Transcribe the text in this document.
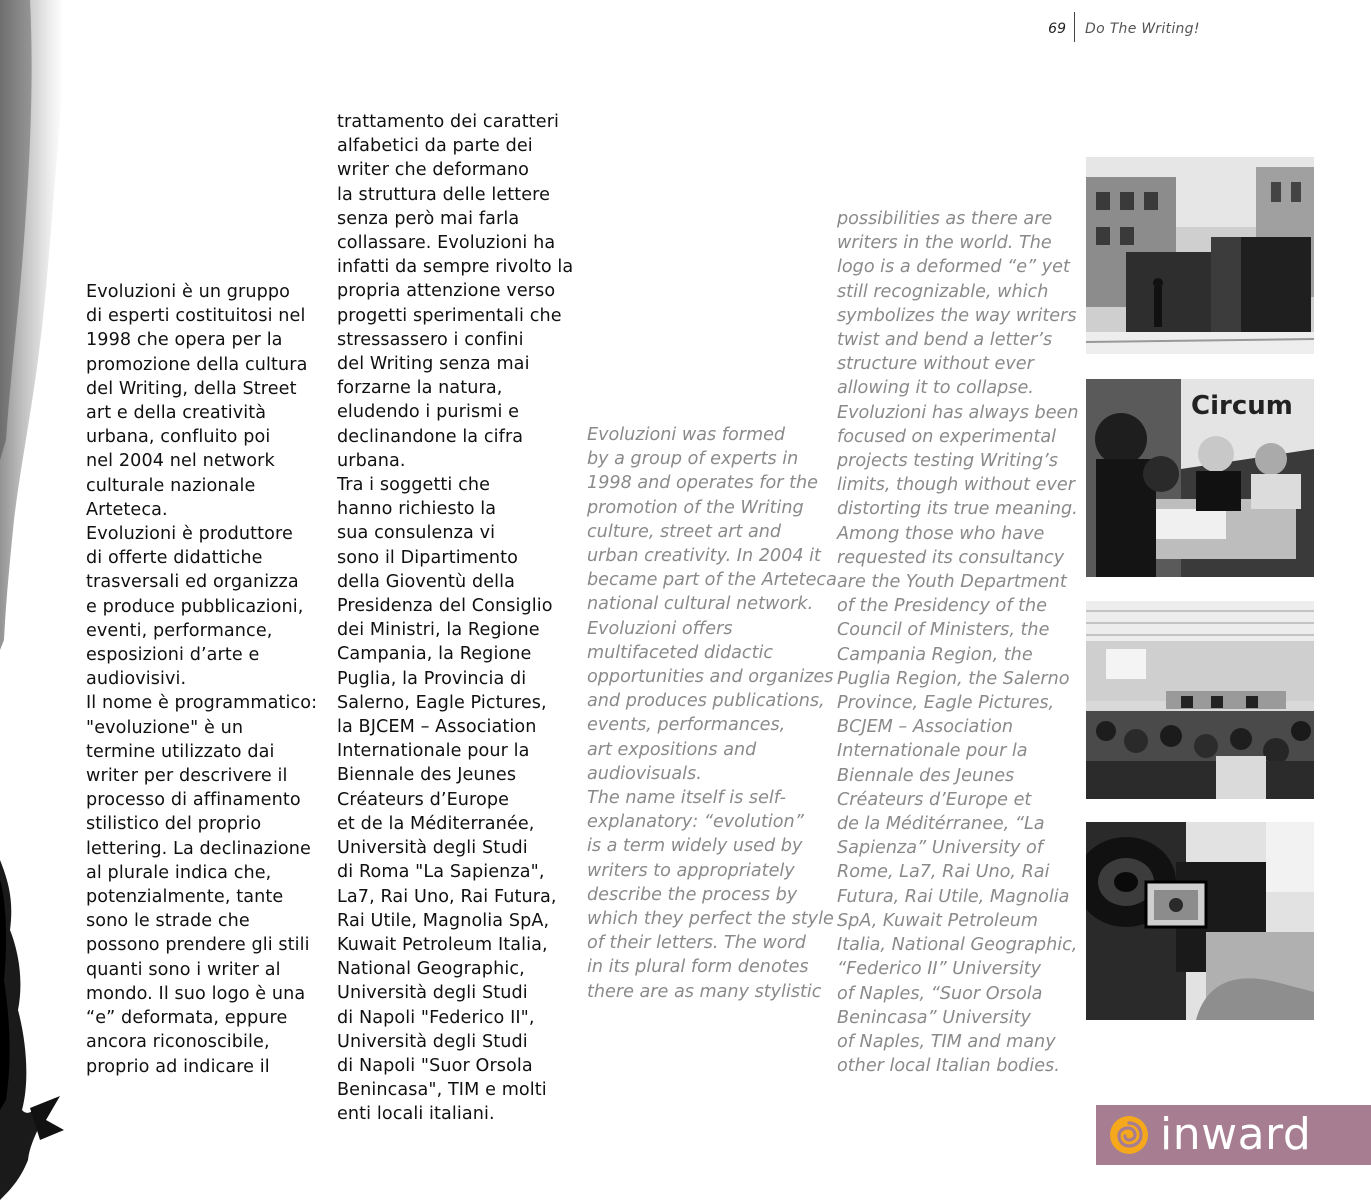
69	Do The Writing!

Evoluzioni è un gruppo
di esperti costituitosi nel
1998 che opera per la
promozione della cultura
del Writing, della Street
art e della creatività
urbana, confluito poi
nel 2004 nel network
culturale nazionale
Arteteca.
Evoluzioni è produttore
di offerte didattiche
trasversali ed organizza
e produce pubblicazioni,
eventi, performance,
esposizioni d’arte e
audiovisivi.
Il nome è programmatico:
"evoluzione" è un
termine utilizzato dai
writer per descrivere il
processo di affinamento
stilistico del proprio
lettering. La declinazione
al plurale indica che,
potenzialmente, tante
sono le strade che
possono prendere gli stili
quanti sono i writer al
mondo. Il suo logo è una
“e” deformata, eppure
ancora riconoscibile,
proprio ad indicare il

trattamento dei caratteri
alfabetici da parte dei
writer che deformano
la struttura delle lettere
senza però mai farla
collassare. Evoluzioni ha
infatti da sempre rivolto la
propria attenzione verso
progetti sperimentali che
stressassero i confini
del Writing senza mai
forzarne la natura,
eludendo i purismi e
declinandone la cifra
urbana.
Tra i soggetti che
hanno richiesto la
sua consulenza vi
sono il Dipartimento
della Gioventù della
Presidenza del Consiglio
dei Ministri, la Regione
Campania, la Regione
Puglia, la Provincia di
Salerno, Eagle Pictures,
la BJCEM – Association
Internationale pour la
Biennale des Jeunes
Créateurs d’Europe
et de la Méditerranée,
Università degli Studi
di Roma "La Sapienza",
La7, Rai Uno, Rai Futura,
Rai Utile, Magnolia SpA,
Kuwait Petroleum Italia,
National Geographic,
Università degli Studi
di Napoli "Federico II",
Università degli Studi
di Napoli "Suor Orsola
Benincasa", TIM e molti
enti locali italiani.

Evoluzioni was formed
by a group of experts in
1998 and operates for the
promotion of the Writing
culture, street art and
urban creativity. In 2004 it
became part of the Arteteca
national cultural network.
Evoluzioni offers
multifaceted didactic
opportunities and organizes
and produces publications,
events, performances,
art expositions and
audiovisuals.
The name itself is self-
explanatory: “evolution”
is a term widely used by
writers to appropriately
describe the process by
which they perfect the style
of their letters. The word
in its plural form denotes
there are as many stylistic

possibilities as there are
writers in the world. The
logo is a deformed “e” yet
still recognizable, which
symbolizes the way writers
twist and bend a letter’s
structure without ever
allowing it to collapse.
Evoluzioni has always been
focused on experimental
projects testing Writing’s
limits, though without ever
distorting its true meaning.
Among those who have
requested its consultancy
are the Youth Department
of the Presidency of the
Council of Ministers, the
Campania Region, the
Puglia Region, the Salerno
Province, Eagle Pictures,
BCJEM – Association
Internationale pour la
Biennale des Jeunes
Créateurs d’Europe et
de la Méditérranee, “La
Sapienza” University of
Rome, La7, Rai Uno, Rai
Futura, Rai Utile, Magnolia
SpA, Kuwait Petroleum
Italia, National Geographic,
“Federico II” University
of Naples, “Suor Orsola
Benincasa” University
of Naples, TIM and many
other local Italian bodies.

Circum
inward
